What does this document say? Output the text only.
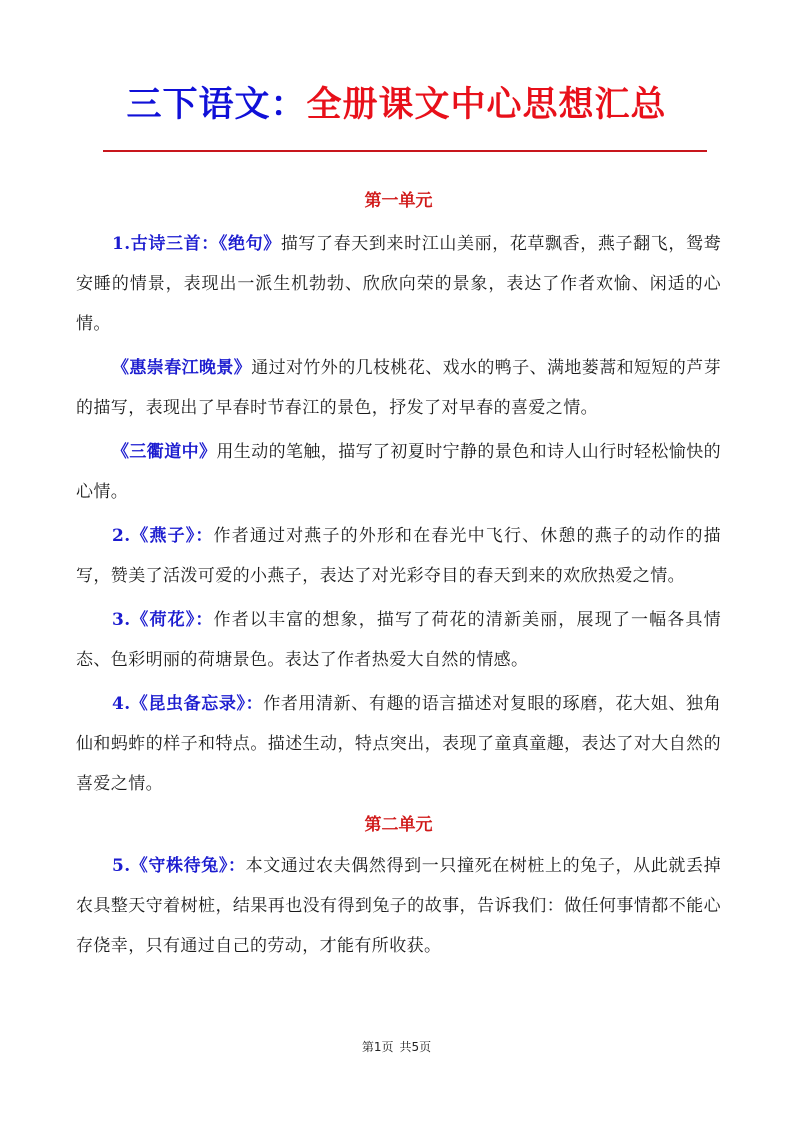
三下语文：全册课文中心思想汇总
第一单元

1.古诗三首：《绝句》描写了春天到来时江山美丽，花草飘香，燕子翻飞，鸳鸯安睡的情景，表现出一派生机勃勃、欣欣向荣的景象，表达了作者欢愉、闲适的心情。

《惠崇春江晚景》通过对竹外的几枝桃花、戏水的鸭子、满地蒌蒿和短短的芦芽的描写，表现出了早春时节春江的景色，抒发了对早春的喜爱之情。

《三衢道中》用生动的笔触，描写了初夏时宁静的景色和诗人山行时轻松愉快的心情。

2.《燕子》：作者通过对燕子的外形和在春光中飞行、休憩的燕子的动作的描写，赞美了活泼可爱的小燕子，表达了对光彩夺目的春天到来的欢欣热爱之情。

3.《荷花》：作者以丰富的想象，描写了荷花的清新美丽，展现了一幅各具情态、色彩明丽的荷塘景色。表达了作者热爱大自然的情感。

4.《昆虫备忘录》：作者用清新、有趣的语言描述对复眼的琢磨，花大姐、独角仙和蚂蚱的样子和特点。描述生动，特点突出，表现了童真童趣，表达了对大自然的喜爱之情。

第二单元

5.《守株待兔》：本文通过农夫偶然得到一只撞死在树桩上的兔子，从此就丢掉农具整天守着树桩，结果再也没有得到兔子的故事，告诉我们：做任何事情都不能心存侥幸，只有通过自己的劳动，才能有所收获。

第1页 共5页
